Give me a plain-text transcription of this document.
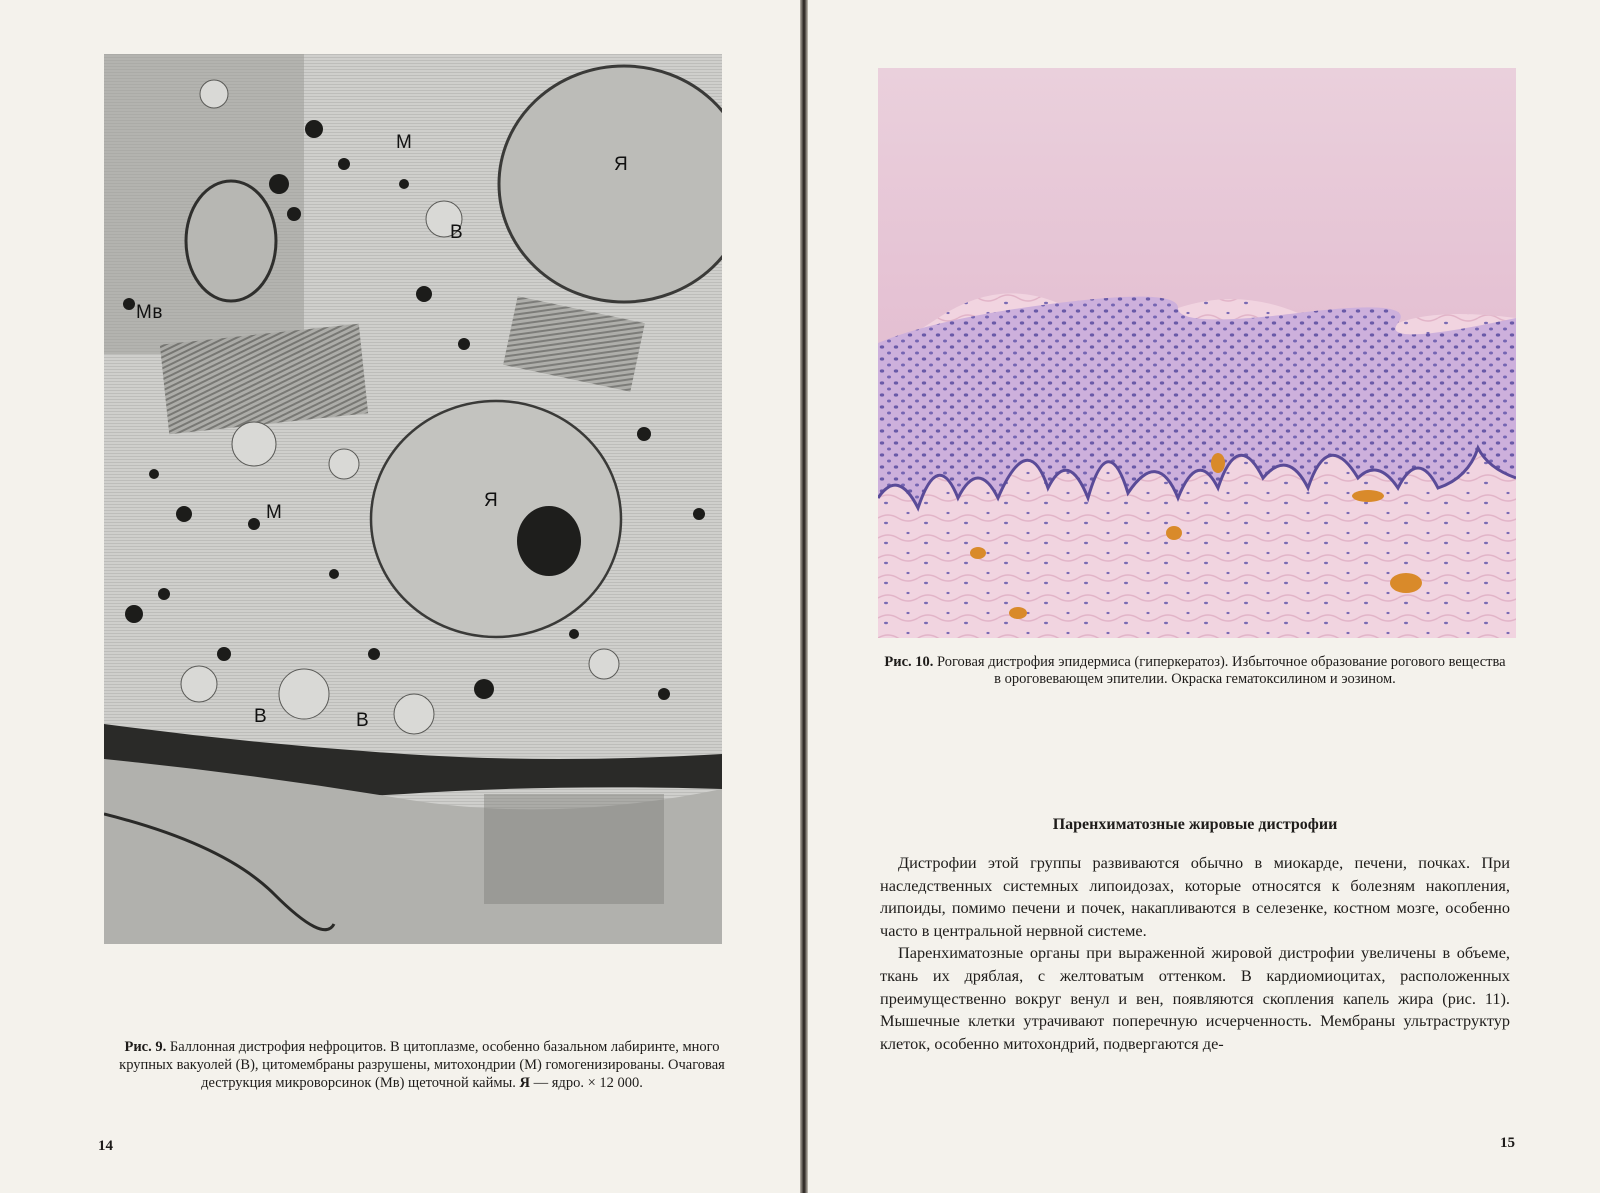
М
Я
В
Мв
Я
М
В	В
Рис. 9. Баллонная дистрофия нефроцитов. В цитоплазме, особенно базальном лабиринте, много крупных вакуолей (В), цитомембраны разрушены, митохондрии (М) гомогенизированы. Очаговая деструкция микроворсинок (Мв) щеточной каймы. Я — ядро. × 12 000.
14
Рис. 10. Роговая дистрофия эпидермиса (гиперкератоз). Избыточное образование рогового вещества в ороговевающем эпителии. Окраска гематоксилином и эозином.
Паренхиматозные жировые дистрофии

Дистрофии этой группы развиваются обычно в миокарде, печени, почках. При наследственных системных липоидозах, которые относятся к болезням накопления, липоиды, помимо печени и почек, накапливаются в селезенке, костном мозге, особенно часто в центральной нервной системе.

Паренхиматозные органы при выраженной жировой дистрофии увеличены в объеме, ткань их дряблая, с желтоватым оттенком. В кардиомиоцитах, расположенных преимущественно вокруг венул и вен, появляются скопления капель жира (рис. 11). Мышечные клетки утрачивают поперечную исчерченность. Мембраны ультраструктур клеток, особенно митохондрий, подвергаются де-

15
